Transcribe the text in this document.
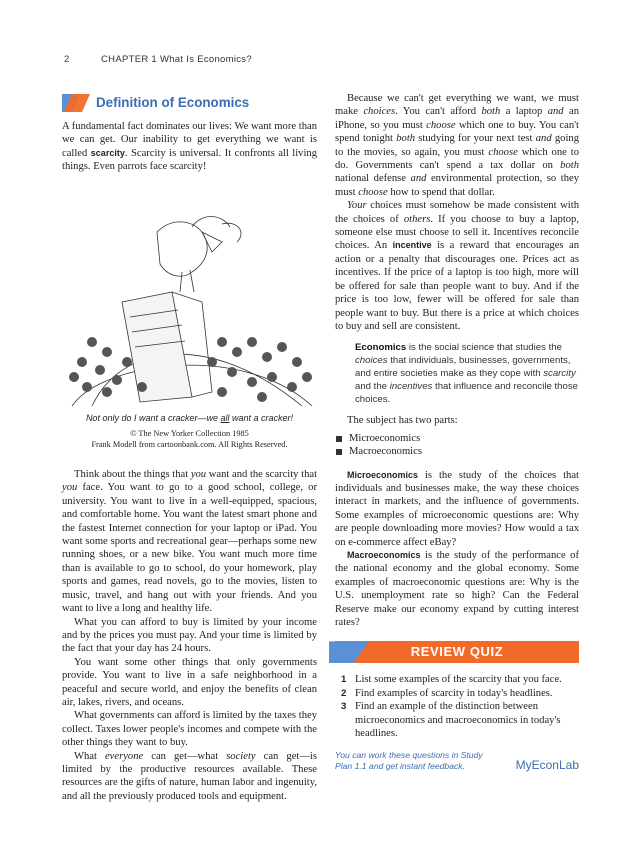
2	CHAPTER 1 What Is Economics?
Definition of Economics

A fundamental fact dominates our lives: We want more than we can get. Our inability to get everything we want is called scarcity. Scarcity is universal. It confronts all living things. Even parrots face scarcity!

Not only do I want a cracker—we all want a cracker!
© The New Yorker Collection 1985
Frank Modell from cartoonbank.com. All Rights Reserved.

Think about the things that you want and the scarcity that you face. You want to go to a good school, college, or university. You want to live in a well-equipped, spacious, and comfortable home. You want the latest smart phone and the fastest Internet connection for your laptop or iPad. You want some sports and recreational gear—perhaps some new running shoes, or a new bike. You want much more time than is available to go to school, do your homework, play sports and games, read novels, go to the movies, listen to music, travel, and hang out with your friends. And you want to live a long and healthy life.

What you can afford to buy is limited by your income and by the prices you must pay. And your time is limited by the fact that your day has 24 hours.

You want some other things that only governments provide. You want to live in a safe neighborhood in a peaceful and secure world, and enjoy the benefits of clean air, lakes, rivers, and oceans.

What governments can afford is limited by the taxes they collect. Taxes lower people's incomes and compete with the other things they want to buy.

What everyone can get—what society can get—is limited by the productive resources available. These resources are the gifts of nature, human labor and ingenuity, and all the previously produced tools and equipment.

Because we can't get everything we want, we must make choices. You can't afford both a laptop and an iPhone, so you must choose which one to buy. You can't spend tonight both studying for your next test and going to the movies, so again, you must choose which one to do. Governments can't spend a tax dollar on both national defense and environmental protection, so they must choose how to spend that dollar.

Your choices must somehow be made consistent with the choices of others. If you choose to buy a laptop, someone else must choose to sell it. Incentives reconcile choices. An incentive is a reward that encourages an action or a penalty that discourages one. Prices act as incentives. If the price of a laptop is too high, more will be offered for sale than people want to buy. And if the price is too low, fewer will be offered for sale than people want to buy. But there is a price at which choices to buy and sell are consistent.

Economics is the social science that studies the choices that individuals, businesses, governments, and entire societies make as they cope with scarcity and the incentives that influence and reconcile those choices.

The subject has two parts:

Microeconomics
Macroeconomics

Microeconomics is the study of the choices that individuals and businesses make, the way these choices interact in markets, and the influence of governments. Some examples of microeconomic questions are: Why are people downloading more movies? How would a tax on e-commerce affect eBay?

Macroeconomics is the study of the performance of the national economy and the global economy. Some examples of macroeconomic questions are: Why is the U.S. unemployment rate so high? Can the Federal Reserve make our economy expand by cutting interest rates?

REVIEW QUIZ
1 List some examples of the scarcity that you face.
2 Find examples of scarcity in today's headlines.
3 Find an example of the distinction between microeconomics and macroeconomics in today's headlines.
You can work these questions in Study Plan 1.1 and get instant feedback.	MyEconLab
